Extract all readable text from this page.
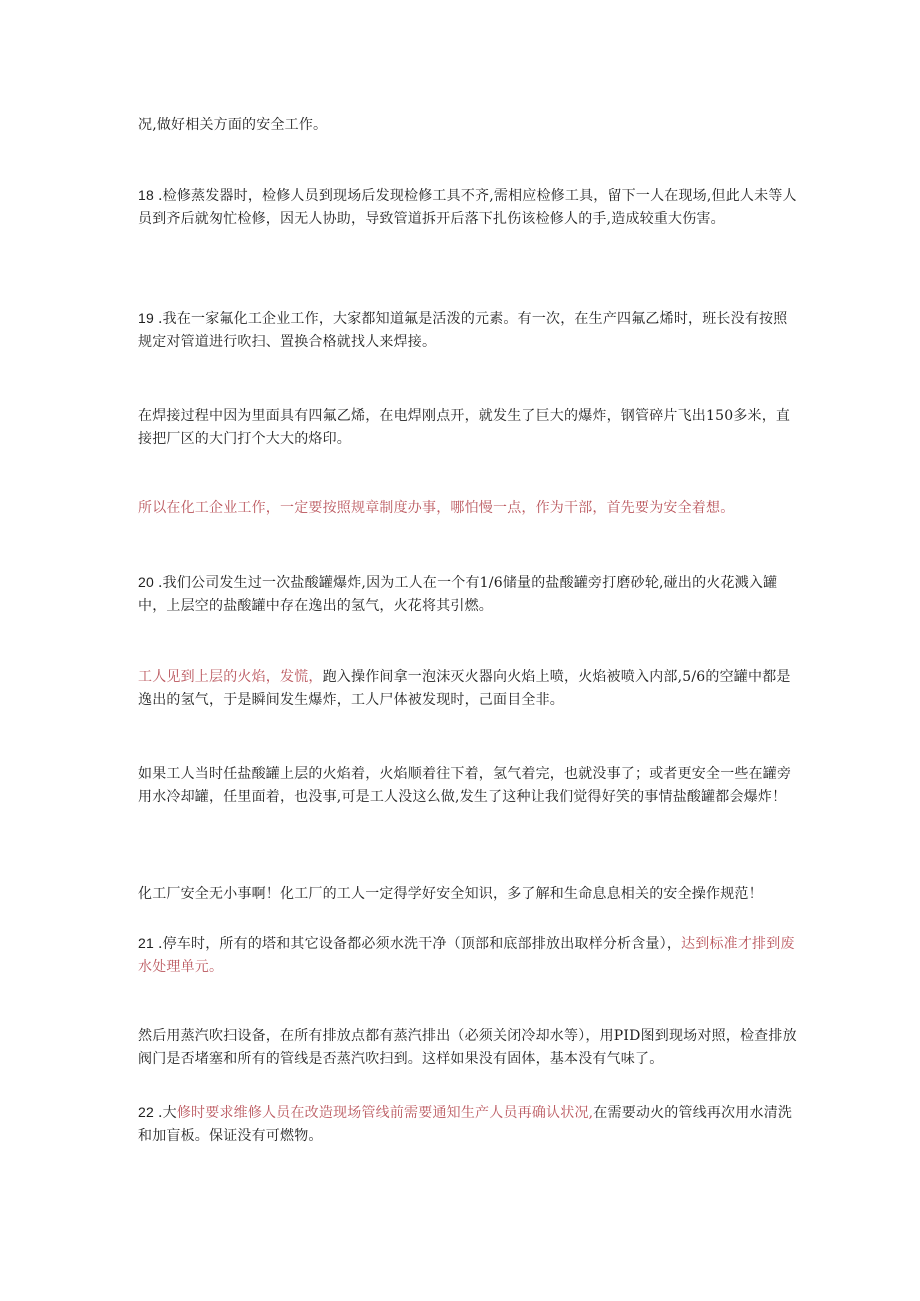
况,做好相关方面的安全工作。

18 .检修蒸发器时，检修人员到现场后发现检修工具不齐,需相应检修工具，留下一人在现场,但此人未等人员到齐后就匆忙检修，因无人协助，导致管道拆开后落下扎伤该检修人的手,造成较重大伤害。

19 .我在一家氟化工企业工作，大家都知道氟是活泼的元素。有一次，在生产四氟乙烯时，班长没有按照规定对管道进行吹扫、置换合格就找人来焊接。

在焊接过程中因为里面具有四氟乙烯，在电焊刚点开，就发生了巨大的爆炸，钢管碎片飞出150多米，直接把厂区的大门打个大大的烙印。

所以在化工企业工作，一定要按照规章制度办事，哪怕慢一点，作为干部，首先要为安全着想。

20 .我们公司发生过一次盐酸罐爆炸,因为工人在一个有1/6储量的盐酸罐旁打磨砂轮,碰出的火花溅入罐中，上层空的盐酸罐中存在逸出的氢气，火花将其引燃。

工人见到上层的火焰，发慌，跑入操作间拿一泡沫灭火器向火焰上喷，火焰被喷入内部,5/6的空罐中都是逸出的氢气，于是瞬间发生爆炸，工人尸体被发现时，己面目全非。

如果工人当时任盐酸罐上层的火焰着，火焰顺着往下着，氢气着完，也就没事了；或者更安全一些在罐旁用水冷却罐，任里面着，也没事,可是工人没这么做,发生了这种让我们觉得好笑的事情盐酸罐都会爆炸！

化工厂安全无小事啊！化工厂的工人一定得学好安全知识，多了解和生命息息相关的安全操作规范！

21 .停车时，所有的塔和其它设备都必须水洗干净（顶部和底部排放出取样分析含量），达到标准才排到废水处理单元。

然后用蒸汽吹扫设备，在所有排放点都有蒸汽排出（必须关闭冷却水等），用PID图到现场对照，检查排放阀门是否堵塞和所有的管线是否蒸汽吹扫到。这样如果没有固体，基本没有气味了。

22 .大修时要求维修人员在改造现场管线前需要通知生产人员再确认状况,在需要动火的管线再次用水清洗和加盲板。保证没有可燃物。
